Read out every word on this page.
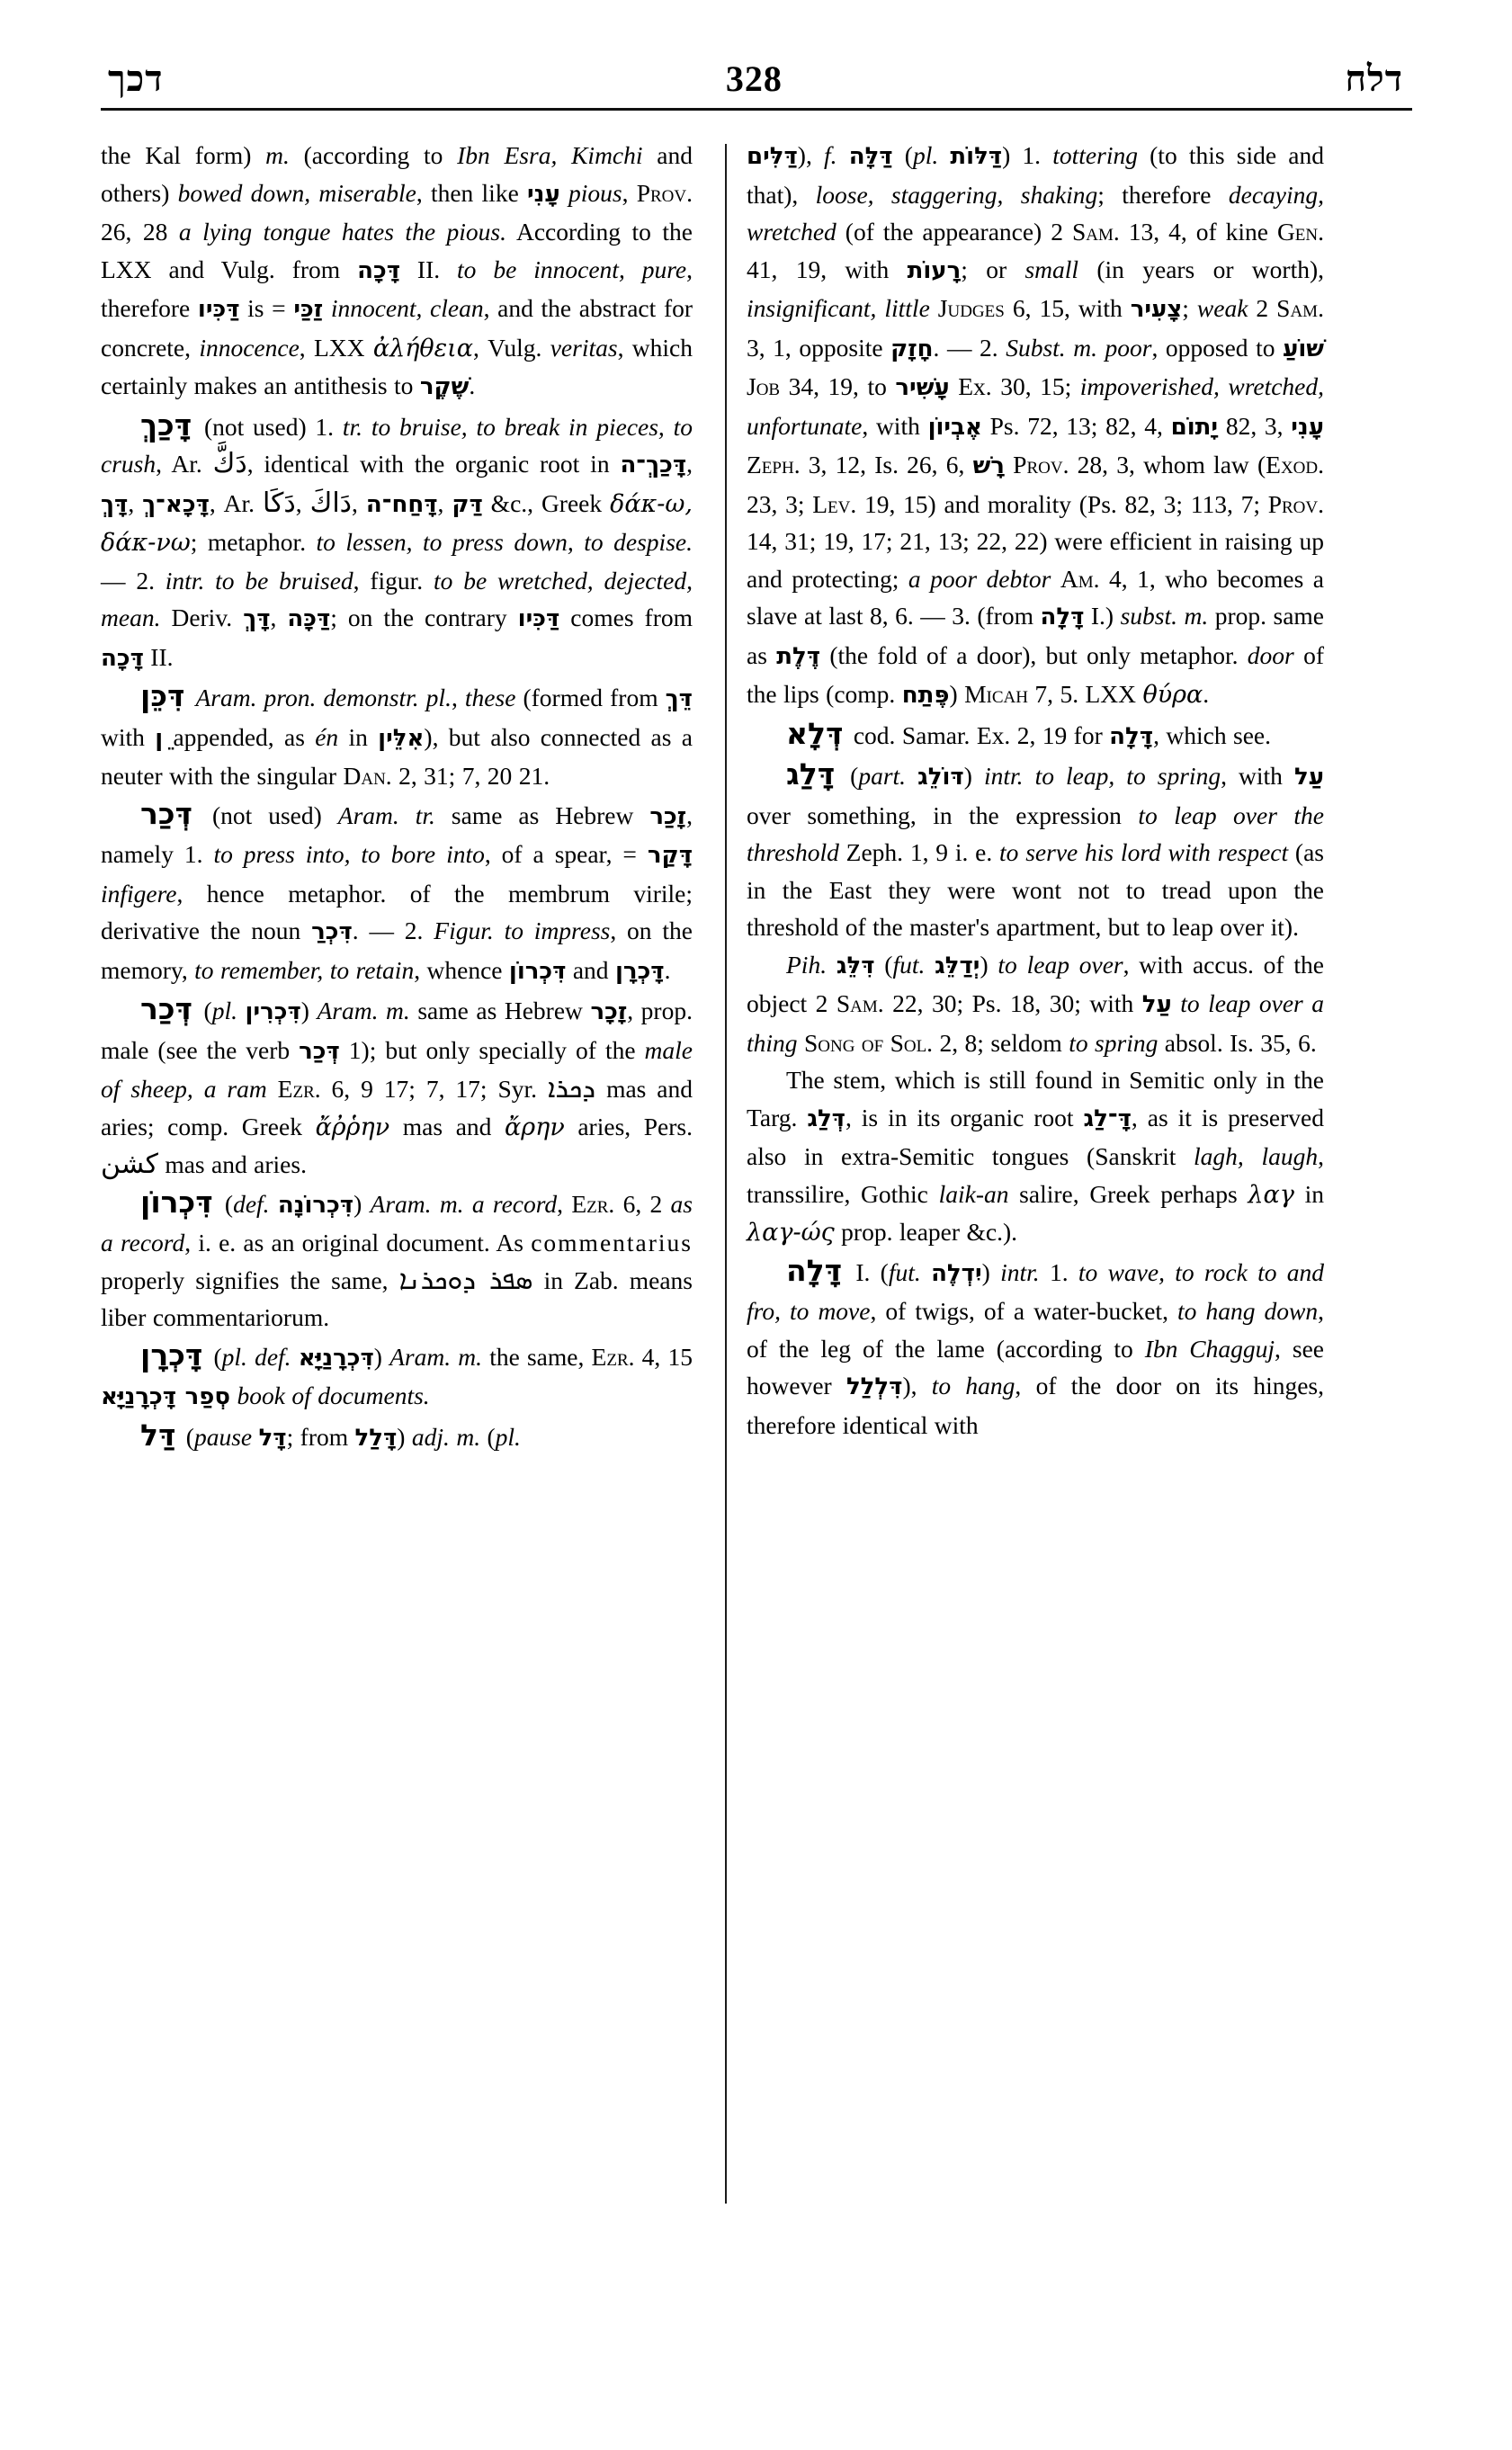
דכך	328	דלח

the Kal form) m. (according to Ibn Esra, Kimchi and others) bowed down, miserable, then like עָנִי pious, Prov. 26, 28 a lying tongue hates the pious. According to the LXX and Vulg. from דָּכָה II. to be innocent, pure, therefore דַּכִּיו is = זַכַּי innocent, clean, and the abstract for concrete, innocence, LXX ἀλήθεια, Vulg. veritas, which certainly makes an antithesis to שֶׁקֶר.

דָּכַךְ (not used) 1. tr. to bruise, to break in pieces, to crush, Ar. دَكَّ, identical with the organic root in דָּכַךְ־ה, דָּךְ, דָּכָא־ךְ, Ar. دَكَا, دَاكَ, דָּחַח־ה, דַּק &c., Greek δάκ-ω, δάκ-νω; metaphor. to lessen, to press down, to despise. — 2. intr. to be bruised, figur. to be wretched, dejected, mean. Deriv. דָּךְ, דַּכָּה; on the contrary דַּכִּיו comes from דָּכָה II.

דִּכֵּן Aram. pron. demonstr. pl., these (formed from דֵּךְ with ֵן appended, as én in אִלֵּין), but also connected as a neuter with the singular Dan. 2, 31; 7, 20 21.

דְּכַר (not used) Aram. tr. same as Hebrew זָכַר, namely 1. to press into, to bore into, of a spear, = דָּקַר infigere, hence metaphor. of the membrum virile; derivative the noun דִּכְרַ. — 2. Figur. to impress, on the memory, to remember, to retain, whence דִּכְרוֹן and דָּכְרָן.

דְּכַר (pl. דִּכְרִין) Aram. m. same as Hebrew זָכָר, prop. male (see the verb דְּכַר 1); but only specially of the male of sheep, a ram Ezr. 6, 9 17; 7, 17; Syr. ܕܟܪܐ mas and aries; comp. Greek ἄῤῥην mas and ἄρην aries, Pers. كشن mas and aries.

דִּכְרוֹן (def. דִּכְרוֹנָה) Aram. m. a record, Ezr. 6, 2 as a record, i. e. as an original document. As commentarius properly signifies the same, ܣܦܪ ܕܘܟܪܢܐ in Zab. means liber commentariorum.

דָּכְרָן (pl. def. דִּכְרָנַיָּא) Aram. m. the same, Ezr. 4, 15 סְפַר דָּכְרָנַיָּא book of documents.

דַּל (pause דָּל; from דָּלַל) adj. m. (pl.

דַּלִּים), f. דַּלָּה (pl. דַּלּוֹת) 1. tottering (to this side and that), loose, staggering, shaking; therefore decaying, wretched (of the appearance) 2 Sam. 13, 4, of kine Gen. 41, 19, with רָעוֹת; or small (in years or worth), insignificant, little Judges 6, 15, with צָעִיר; weak 2 Sam. 3, 1, opposite חָזָק. — 2. Subst. m. poor, opposed to שׁוֹעַ Job 34, 19, to עָשִׁיר Ex. 30, 15; impoverished, wretched, unfortunate, with אֶבְיוֹן Ps. 72, 13; 82, 4, יָתוֹם 82, 3, עָנִי Zeph. 3, 12, Is. 26, 6, רָשׁ Prov. 28, 3, whom law (Exod. 23, 3; Lev. 19, 15) and morality (Ps. 82, 3; 113, 7; Prov. 14, 31; 19, 17; 21, 13; 22, 22) were efficient in raising up and protecting; a poor debtor Am. 4, 1, who becomes a slave at last 8, 6. — 3. (from דָּלָה I.) subst. m. prop. same as דֶּלֶת (the fold of a door), but only metaphor. door of the lips (comp. פֶּתַח) Micah 7, 5. LXX θύρα.

דְּלָא cod. Samar. Ex. 2, 19 for דָּלָה, which see.

דָּלַג (part. דּוֹלֵג) intr. to leap, to spring, with עַל over something, in the expression to leap over the threshold Zeph. 1, 9 i. e. to serve his lord with respect (as in the East they were wont not to tread upon the threshold of the master's apartment, but to leap over it).

Pih. דִּלֵּג (fut. יְדַלֵּג) to leap over, with accus. of the object 2 Sam. 22, 30; Ps. 18, 30; with עַל to leap over a thing Song of Sol. 2, 8; seldom to spring absol. Is. 35, 6.

The stem, which is still found in Semitic only in the Targ. דְּלַג, is in its organic root דָּ־לַג, as it is preserved also in extra-Semitic tongues (Sanskrit lagh, laugh, transsilire, Gothic laik-an salire, Greek perhaps λαγ in λαγ-ώς prop. leaper &c.).

דָּלָה I. (fut. יִדְלֶה) intr. 1. to wave, to rock to and fro, to move, of twigs, of a water-bucket, to hang down, of the leg of the lame (according to Ibn Chagguj, see however דִּלְלַל), to hang, of the door on its hinges, therefore identical with
